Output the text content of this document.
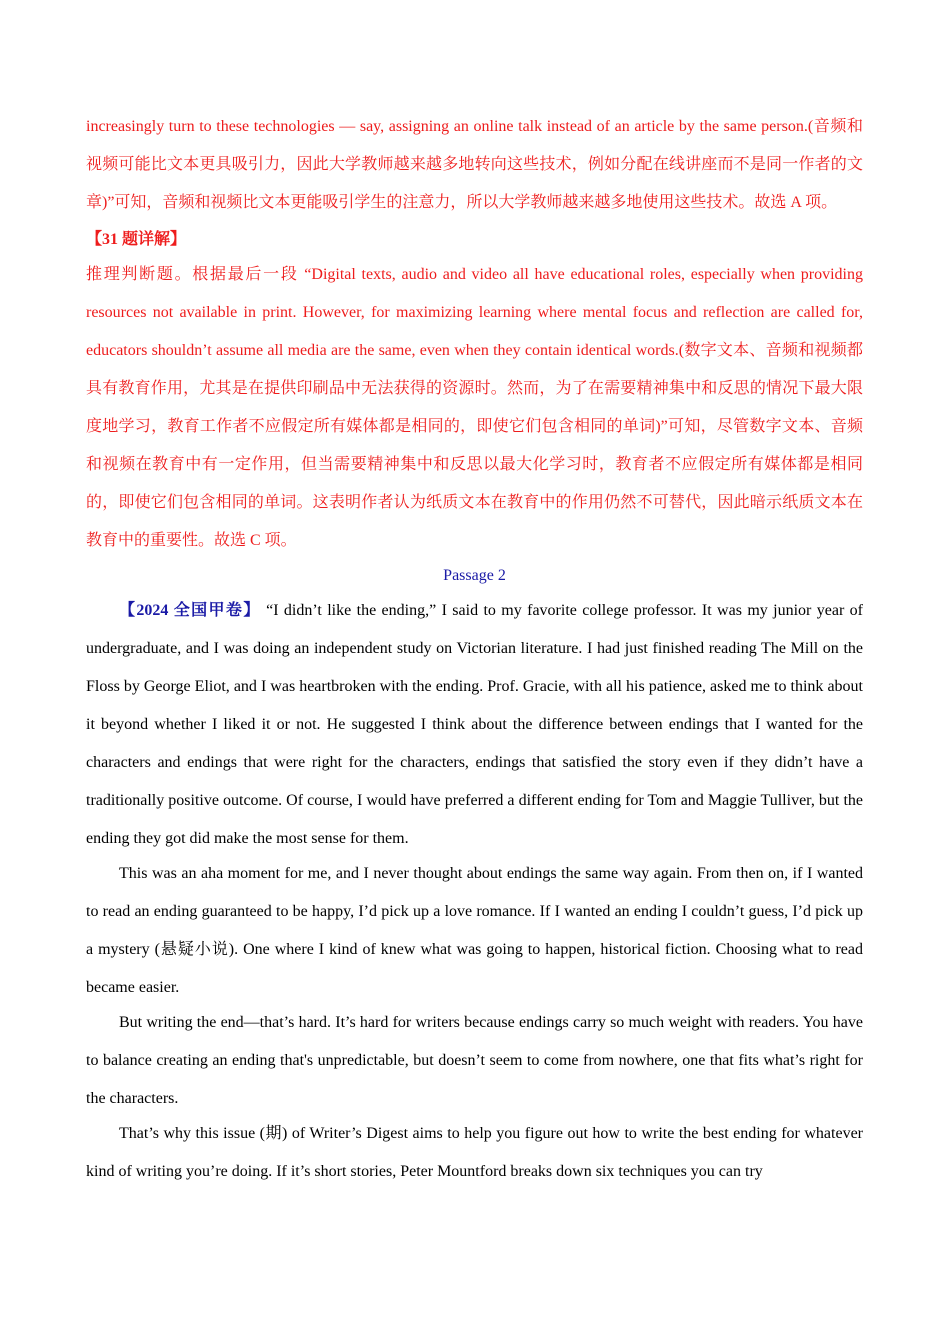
increasingly turn to these technologies — say, assigning an online talk instead of an article by the same person.(音频和视频可能比文本更具吸引力，因此大学教师越来越多地转向这些技术，例如分配在线讲座而不是同一作者的文章)”可知，音频和视频比文本更能吸引学生的注意力，所以大学教师越来越多地使用这些技术。故选 A 项。

【31 题详解】

推理判断题。根据最后一段 “Digital texts, audio and video all have educational roles, especially when providing resources not available in print. However, for maximizing learning where mental focus and reflection are called for, educators shouldn’t assume all media are the same, even when they contain identical words.(数字文本、音频和视频都具有教育作用，尤其是在提供印刷品中无法获得的资源时。然而，为了在需要精神集中和反思的情况下最大限度地学习，教育工作者不应假定所有媒体都是相同的，即使它们包含相同的单词)”可知，尽管数字文本、音频和视频在教育中有一定作用，但当需要精神集中和反思以最大化学习时，教育者不应假定所有媒体都是相同的，即使它们包含相同的单词。这表明作者认为纸质文本在教育中的作用仍然不可替代，因此暗示纸质文本在教育中的重要性。故选 C 项。

Passage 2

【2024 全国甲卷】 “I didn’t like the ending,” I said to my favorite college professor. It was my junior year of undergraduate, and I was doing an independent study on Victorian literature. I had just finished reading The Mill on the Floss by George Eliot, and I was heartbroken with the ending. Prof. Gracie, with all his patience, asked me to think about it beyond whether I liked it or not. He suggested I think about the difference between endings that I wanted for the characters and endings that were right for the characters, endings that satisfied the story even if they didn’t have a traditionally positive outcome. Of course, I would have preferred a different ending for Tom and Maggie Tulliver, but the ending they got did make the most sense for them.

This was an aha moment for me, and I never thought about endings the same way again. From then on, if I wanted to read an ending guaranteed to be happy, I’d pick up a love romance. If I wanted an ending I couldn’t guess, I’d pick up a mystery (悬疑小说). One where I kind of knew what was going to happen, historical fiction. Choosing what to read became easier.

But writing the end—that’s hard. It’s hard for writers because endings carry so much weight with readers. You have to balance creating an ending that's unpredictable, but doesn’t seem to come from nowhere, one that fits what’s right for the characters.

That’s why this issue (期) of Writer’s Digest aims to help you figure out how to write the best ending for whatever kind of writing you’re doing. If it’s short stories, Peter Mountford breaks down six techniques you can try
